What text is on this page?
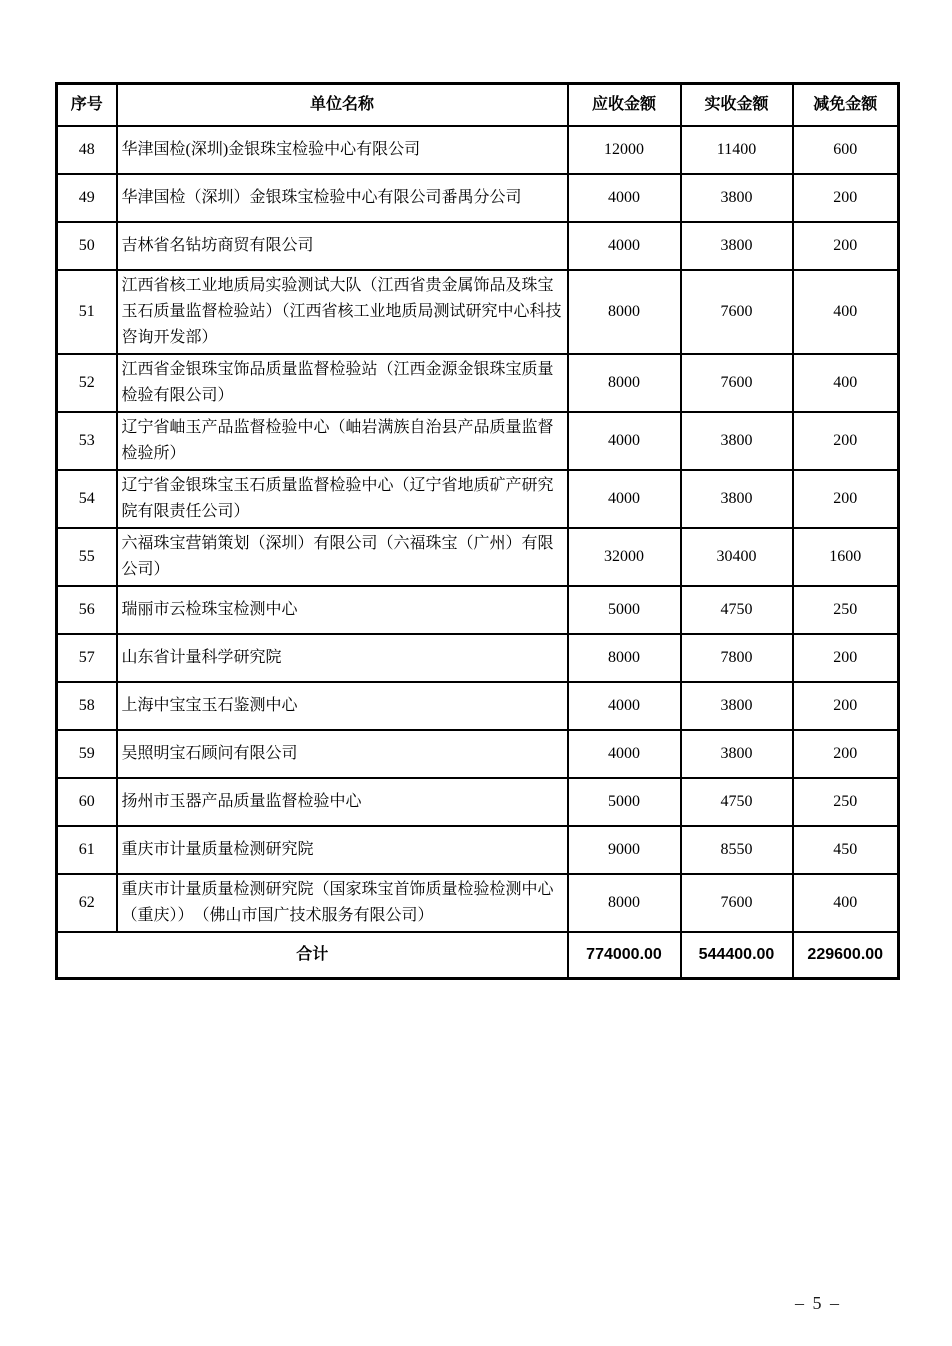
序号	单位名称	应收金额	实收金额	减免金额
48	华津国检(深圳)金银珠宝检验中心有限公司	12000	11400	600
49	华津国检（深圳）金银珠宝检验中心有限公司番禺分公司	4000	3800	200
50	吉林省名钻坊商贸有限公司	4000	3800	200
51	江西省核工业地质局实验测试大队（江西省贵金属饰品及珠宝玉石质量监督检验站）（江西省核工业地质局测试研究中心科技咨询开发部）	8000	7600	400
52	江西省金银珠宝饰品质量监督检验站（江西金源金银珠宝质量检验有限公司）	8000	7600	400
53	辽宁省岫玉产品监督检验中心（岫岩满族自治县产品质量监督检验所）	4000	3800	200
54	辽宁省金银珠宝玉石质量监督检验中心（辽宁省地质矿产研究院有限责任公司）	4000	3800	200
55	六福珠宝营销策划（深圳）有限公司（六福珠宝（广州）有限公司）	32000	30400	1600
56	瑞丽市云检珠宝检测中心	5000	4750	250
57	山东省计量科学研究院	8000	7800	200
58	上海中宝宝玉石鉴测中心	4000	3800	200
59	吴照明宝石顾问有限公司	4000	3800	200
60	扬州市玉器产品质量监督检验中心	5000	4750	250
61	重庆市计量质量检测研究院	9000	8550	450
62	重庆市计量质量检测研究院（国家珠宝首饰质量检验检测中心（重庆））　（佛山市国广技术服务有限公司）	8000	7600	400
合计		774000.00	544400.00	229600.00
– 5 –
